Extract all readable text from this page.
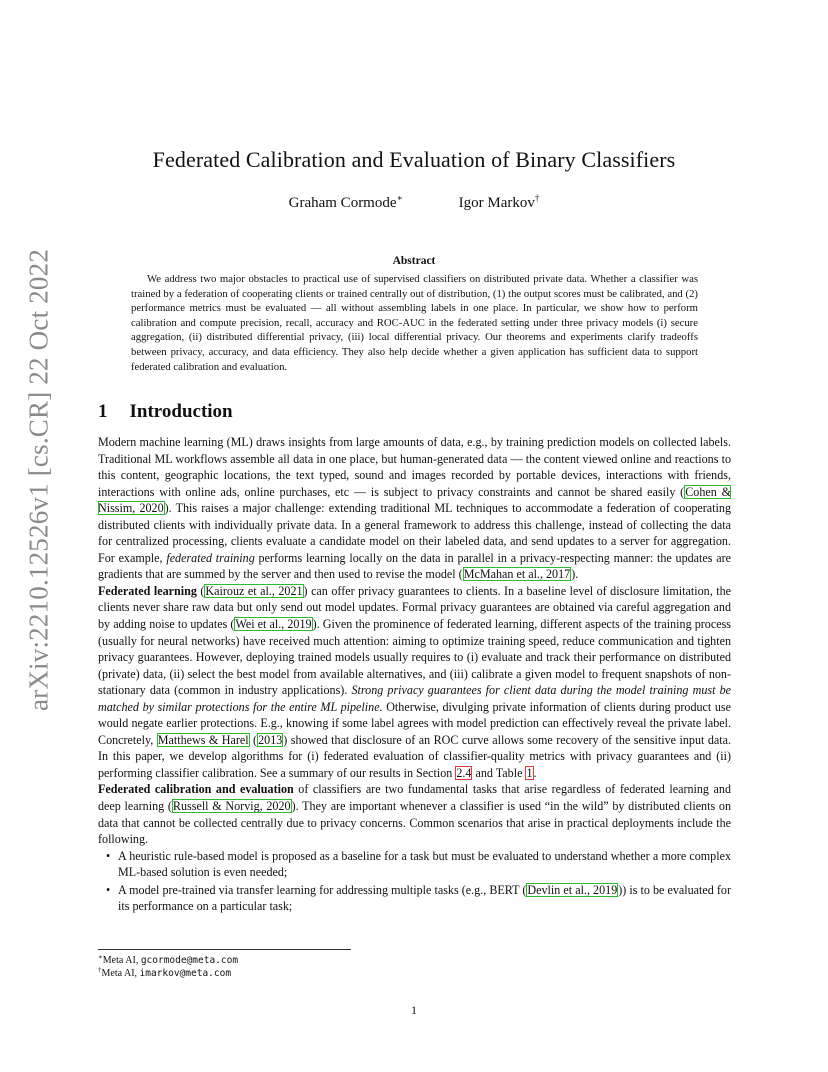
arXiv:2210.12526v1 [cs.CR] 22 Oct 2022
Federated Calibration and Evaluation of Binary Classifiers
Graham Cormode∗	Igor Markov†
Abstract

We address two major obstacles to practical use of supervised classifiers on distributed private data. Whether a classifier was trained by a federation of cooperating clients or trained centrally out of distribution, (1) the output scores must be calibrated, and (2) performance metrics must be evaluated — all without assembling labels in one place. In particular, we show how to perform calibration and compute precision, recall, accuracy and ROC-AUC in the federated setting under three privacy models (i) secure aggregation, (ii) distributed differential privacy, (iii) local differential privacy. Our theorems and experiments clarify tradeoffs between privacy, accuracy, and data efficiency. They also help decide whether a given application has sufficient data to support federated calibration and evaluation.

1 Introduction

Modern machine learning (ML) draws insights from large amounts of data, e.g., by training prediction models on collected labels. Traditional ML workflows assemble all data in one place, but human-generated data — the content viewed online and reactions to this content, geographic locations, the text typed, sound and images recorded by portable devices, interactions with friends, interactions with online ads, online purchases, etc — is subject to privacy constraints and cannot be shared easily (Cohen & Nissim, 2020). This raises a major challenge: extending traditional ML techniques to accommodate a federation of cooperating distributed clients with individually private data. In a general framework to address this challenge, instead of collecting the data for centralized processing, clients evaluate a candidate model on their labeled data, and send updates to a server for aggregation. For example, federated training performs learning locally on the data in parallel in a privacy-respecting manner: the updates are gradients that are summed by the server and then used to revise the model (McMahan et al., 2017).

Federated learning (Kairouz et al., 2021) can offer privacy guarantees to clients. In a baseline level of disclosure limitation, the clients never share raw data but only send out model updates. Formal privacy guarantees are obtained via careful aggregation and by adding noise to updates (Wei et al., 2019). Given the prominence of federated learning, different aspects of the training process (usually for neural networks) have received much attention: aiming to optimize training speed, reduce communication and tighten privacy guarantees. However, deploying trained models usually requires to (i) evaluate and track their performance on distributed (private) data, (ii) select the best model from available alternatives, and (iii) calibrate a given model to frequent snapshots of non-stationary data (common in industry applications). Strong privacy guarantees for client data during the model training must be matched by similar protections for the entire ML pipeline. Otherwise, divulging private information of clients during product use would negate earlier protections. E.g., knowing if some label agrees with model prediction can effectively reveal the private label. Concretely, Matthews & Harel (2013) showed that disclosure of an ROC curve allows some recovery of the sensitive input data. In this paper, we develop algorithms for (i) federated evaluation of classifier-quality metrics with privacy guarantees and (ii) performing classifier calibration. See a summary of our results in Section 2.4 and Table 1.

Federated calibration and evaluation of classifiers are two fundamental tasks that arise regardless of federated learning and deep learning (Russell & Norvig, 2020). They are important whenever a classifier is used “in the wild” by distributed clients on data that cannot be collected centrally due to privacy concerns. Common scenarios that arise in practical deployments include the following.

• A heuristic rule-based model is proposed as a baseline for a task but must be evaluated to understand whether a more complex ML-based solution is even needed;
• A model pre-trained via transfer learning for addressing multiple tasks (e.g., BERT (Devlin et al., 2019)) is to be evaluated for its performance on a particular task;
∗Meta AI, gcormode@meta.com
†Meta AI, imarkov@meta.com
1
